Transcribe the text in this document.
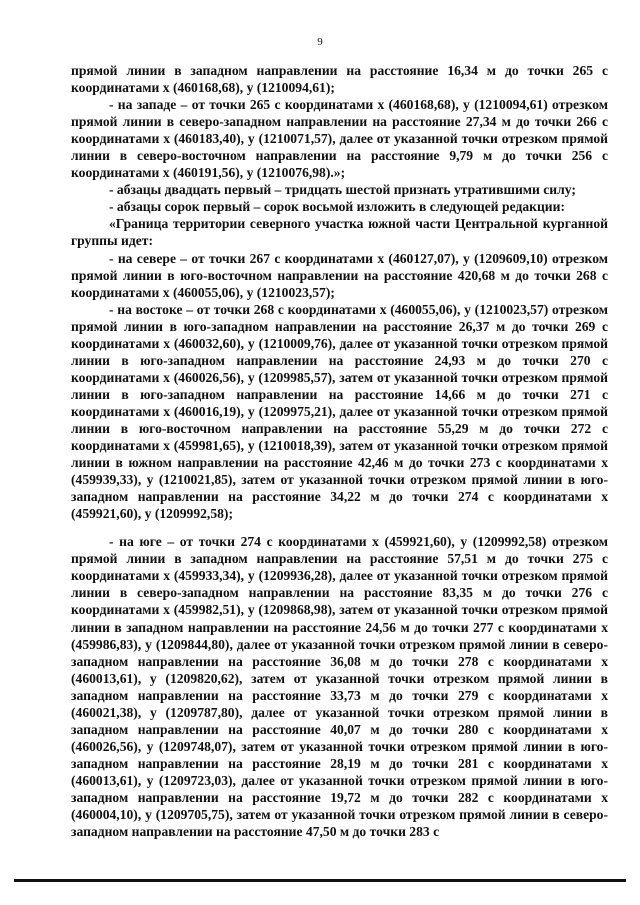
9

прямой линии в западном направлении на расстояние 16,34 м до точки 265 с координатами x (460168,68), y (1210094,61);

- на западе – от точки 265 с координатами x (460168,68), y (1210094,61) отрезком прямой линии в северо-западном направлении на расстояние 27,34 м до точки 266 с координатами x (460183,40), y (1210071,57), далее от указанной точки отрезком прямой линии в северо-восточном направлении на расстояние 9,79 м до точки 256 с координатами x (460191,56), y (1210076,98).»;

- абзацы двадцать первый – тридцать шестой признать утратившими силу;

- абзацы сорок первый – сорок восьмой изложить в следующей редакции:

«Граница территории северного участка южной части Центральной курганной группы идет:

- на севере – от точки 267 с координатами x (460127,07), y (1209609,10) отрезком прямой линии в юго-восточном направлении на расстояние 420,68 м до точки 268 с координатами x (460055,06), y (1210023,57);

- на востоке – от точки 268 с координатами x (460055,06), y (1210023,57) отрезком прямой линии в юго-западном направлении на расстояние 26,37 м до точки 269 с координатами x (460032,60), y (1210009,76), далее от указанной точки отрезком прямой линии в юго-западном направлении на расстояние 24,93 м до точки 270 с координатами x (460026,56), y (1209985,57), затем от указанной точки отрезком прямой линии в юго-западном направлении на расстояние 14,66 м до точки 271 с координатами x (460016,19), y (1209975,21), далее от указанной точки отрезком прямой линии в юго-восточном направлении на расстояние 55,29 м до точки 272 с координатами x (459981,65), y (1210018,39), затем от указанной точки отрезком прямой линии в южном направлении на расстояние 42,46 м до точки 273 с координатами x (459939,33), y (1210021,85), затем от указанной точки отрезком прямой линии в юго-западном направлении на расстояние 34,22 м до точки 274 с координатами x (459921,60), y (1209992,58);

- на юге – от точки 274 с координатами x (459921,60), y (1209992,58) отрезком прямой линии в западном направлении на расстояние 57,51 м до точки 275 с координатами x (459933,34), y (1209936,28), далее от указанной точки отрезком прямой линии в северо-западном направлении на расстояние 83,35 м до точки 276 с координатами x (459982,51), y (1209868,98), затем от указанной точки отрезком прямой линии в западном направлении на расстояние 24,56 м до точки 277 с координатами x (459986,83), y (1209844,80), далее от указанной точки отрезком прямой линии в северо-западном направлении на расстояние 36,08 м до точки 278 с координатами x (460013,61), y (1209820,62), затем от указанной точки отрезком прямой линии в западном направлении на расстояние 33,73 м до точки 279 с координатами x (460021,38), y (1209787,80), далее от указанной точки отрезком прямой линии в западном направлении на расстояние 40,07 м до точки 280 с координатами x (460026,56), y (1209748,07), затем от указанной точки отрезком прямой линии в юго-западном направлении на расстояние 28,19 м до точки 281 с координатами x (460013,61), y (1209723,03), далее от указанной точки отрезком прямой линии в юго-западном направлении на расстояние 19,72 м до точки 282 с координатами x (460004,10), y (1209705,75), затем от указанной точки отрезком прямой линии в северо-западном направлении на расстояние 47,50 м до точки 283 с
